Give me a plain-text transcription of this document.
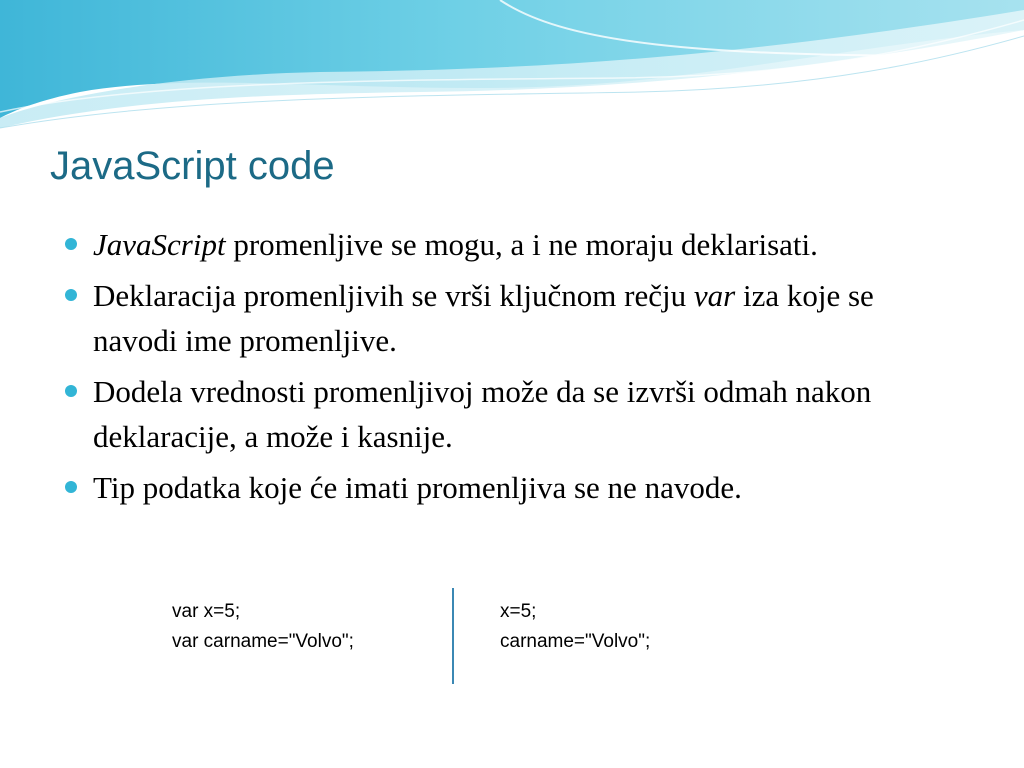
JavaScript code
JavaScript promenljive se mogu, a i ne moraju deklarisati.
Deklaracija promenljivih se vrši ključnom rečju var iza koje se navodi ime promenljive.
Dodela vrednosti promenljivoj može da se izvrši odmah nakon deklaracije, a može i kasnije.
Tip podatka koje će imati promenljiva se ne navode.
var x=5;
var carname="Volvo";
x=5;
carname="Volvo";
